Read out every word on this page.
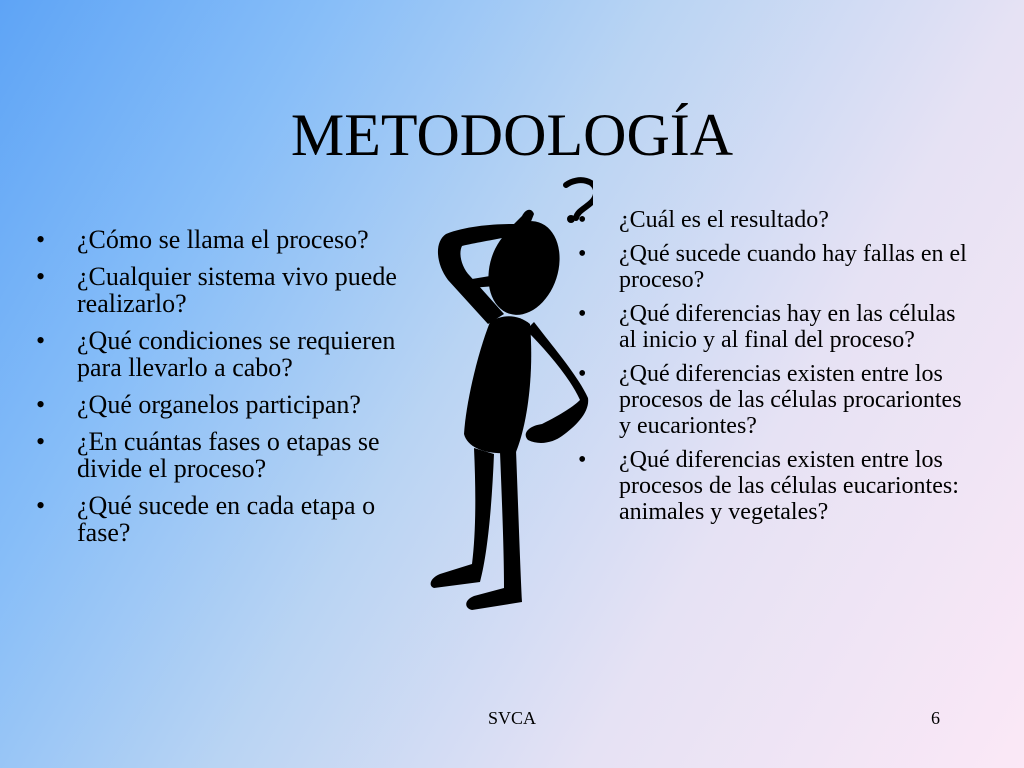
METODOLOGÍA
• ¿Cómo se llama el proceso?
• ¿Cualquier sistema vivo puede realizarlo?
• ¿Qué condiciones se requieren para llevarlo a cabo?
• ¿Qué organelos participan?
• ¿En cuántas fases o etapas se divide el proceso?
• ¿Qué sucede en cada etapa o fase?
• ¿Cuál es el resultado?
• ¿Qué sucede cuando hay fallas en el proceso?
• ¿Qué diferencias hay en las células al inicio y al final del proceso?
• ¿Qué diferencias existen entre los procesos de las células procariontes y eucariontes?
• ¿Qué diferencias existen entre los procesos de las células eucariontes: animales y vegetales?
SVCA	6
